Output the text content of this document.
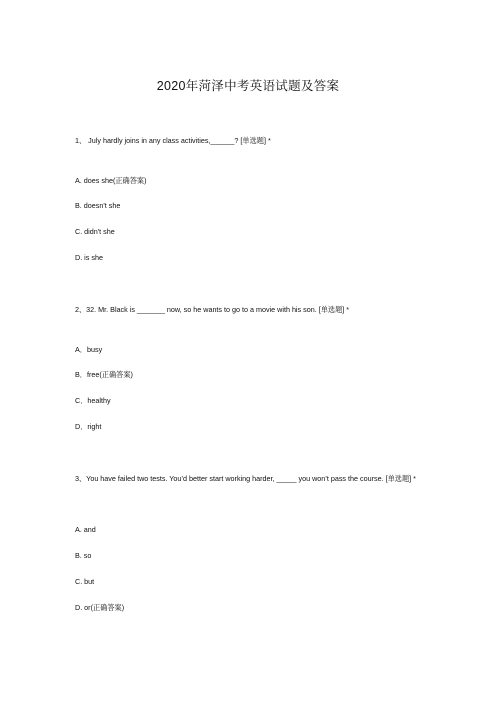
2020年菏泽中考英语试题及答案
1、 July hardly joins in any class activities,______? [单选题] *
A. does she(正确答案)
B. doesn't she
C. didn't she
D. is she
2、32. Mr. Black is _______ now, so he wants to go to a movie with his son. [单选题] *
A．busy
B．free(正确答案)
C．healthy
D．right
3、You have failed two tests. You’d better start working harder, _____ you won’t pass the course. [单选题] *
A. and
B. so
C. but
D. or(正确答案)
